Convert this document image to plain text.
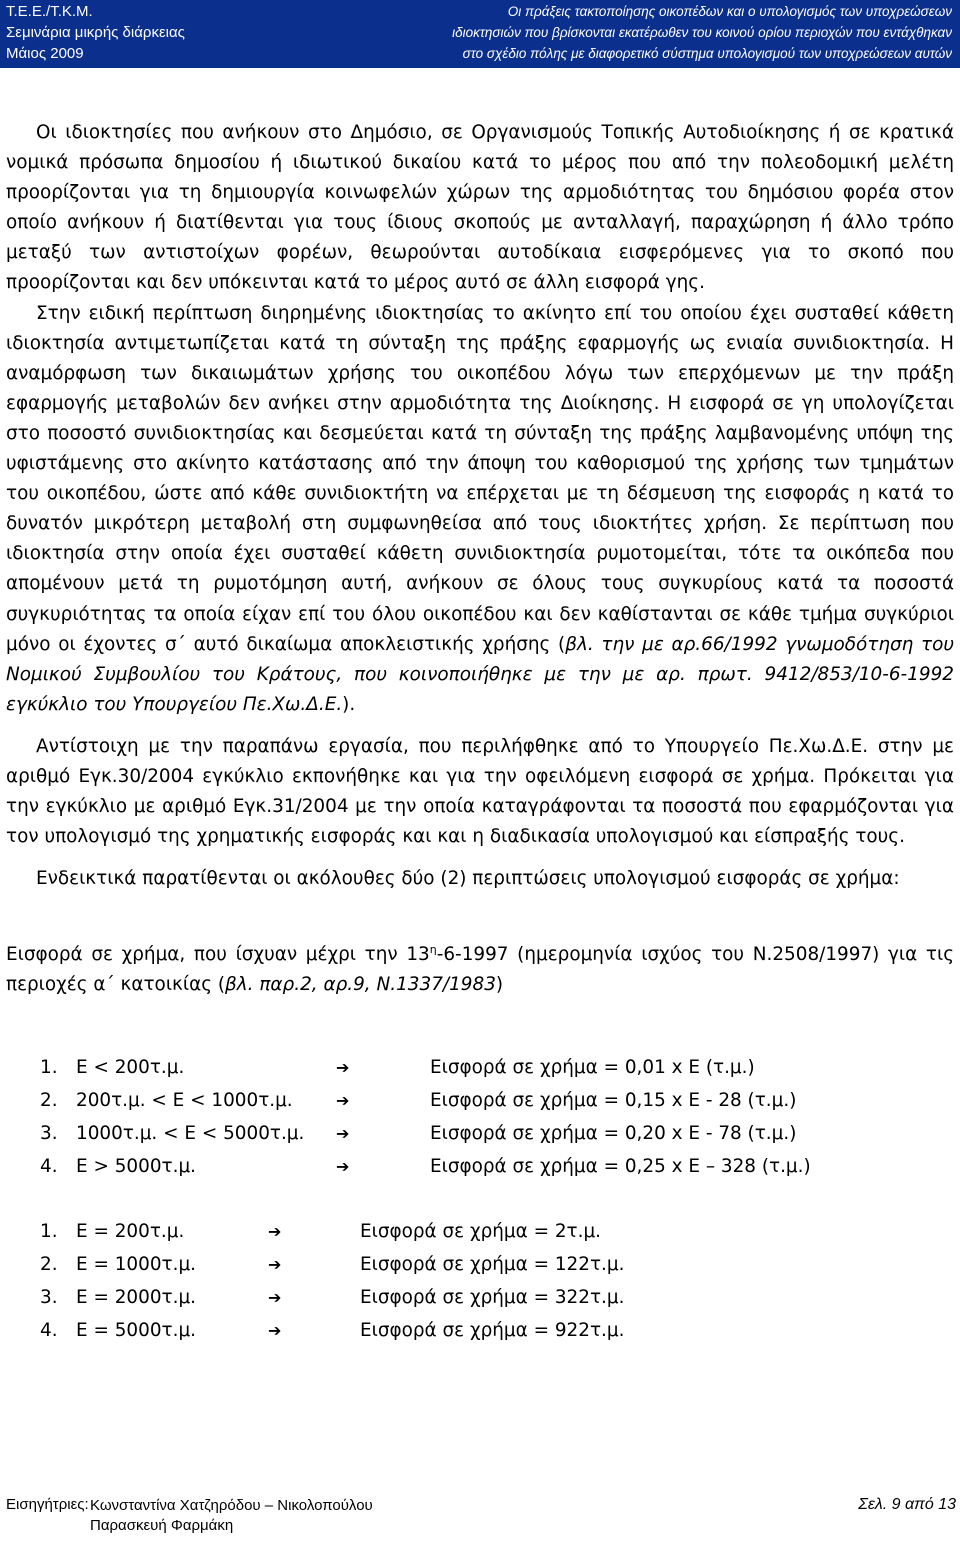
Τ.Ε.Ε./Τ.Κ.Μ.
Σεμινάρια μικρής διάρκειας
Μάιος 2009
Οι πράξεις τακτοποίησης οικοπέδων και ο υπολογισμός των υποχρεώσεων
ιδιοκτησιών που βρίσκονται εκατέρωθεν του κοινού ορίου περιοχών που εντάχθηκαν
στο σχέδιο πόλης με διαφορετικό σύστημα υπολογισμού των υποχρεώσεων αυτών

Οι ιδιοκτησίες που ανήκουν στο Δημόσιο, σε Οργανισμούς Τοπικής Αυτοδιοίκησης ή σε κρατικά νομικά πρόσωπα δημοσίου ή ιδιωτικού δικαίου κατά το μέρος που από την πολεοδομική μελέτη προορίζονται για τη δημιουργία κοινωφελών χώρων της αρμοδιότητας του δημόσιου φορέα στον οποίο ανήκουν ή διατίθενται για τους ίδιους σκοπούς με ανταλλαγή, παραχώρηση ή άλλο τρόπο μεταξύ των αντιστοίχων φορέων, θεωρούνται αυτοδίκαια εισφερόμενες για το σκοπό που προορίζονται και δεν υπόκεινται κατά το μέρος αυτό σε άλλη εισφορά γης.

Στην ειδική περίπτωση διηρημένης ιδιοκτησίας το ακίνητο επί του οποίου έχει συσταθεί κάθετη ιδιοκτησία αντιμετωπίζεται κατά τη σύνταξη της πράξης εφαρμογής ως ενιαία συνιδιοκτησία. Η αναμόρφωση των δικαιωμάτων χρήσης του οικοπέδου λόγω των επερχόμενων με την πράξη εφαρμογής μεταβολών δεν ανήκει στην αρμοδιότητα της Διοίκησης. Η εισφορά σε γη υπολογίζεται στο ποσοστό συνιδιοκτησίας και δεσμεύεται κατά τη σύνταξη της πράξης λαμβανομένης υπόψη της υφιστάμενης στο ακίνητο κατάστασης από την άποψη του καθορισμού της χρήσης των τμημάτων του οικοπέδου, ώστε από κάθε συνιδιοκτήτη να επέρχεται με τη δέσμευση της εισφοράς η κατά το δυνατόν μικρότερη μεταβολή στη συμφωνηθείσα από τους ιδιοκτήτες χρήση. Σε περίπτωση που ιδιοκτησία στην οποία έχει συσταθεί κάθετη συνιδιοκτησία ρυμοτομείται, τότε τα οικόπεδα που απομένουν μετά τη ρυμοτόμηση αυτή, ανήκουν σε όλους τους συγκυρίους κατά τα ποσοστά συγκυριότητας τα οποία είχαν επί του όλου οικοπέδου και δεν καθίστανται σε κάθε τμήμα συγκύριοι μόνο οι έχοντες σ΄ αυτό δικαίωμα αποκλειστικής χρήσης (βλ. την με αρ.66/1992 γνωμοδότηση του Νομικού Συμβουλίου του Κράτους, που κοινοποιήθηκε με την με αρ. πρωτ. 9412/853/10-6-1992 εγκύκλιο του Υπουργείου Πε.Χω.Δ.Ε.).

Αντίστοιχη με την παραπάνω εργασία, που περιλήφθηκε από το Υπουργείο Πε.Χω.Δ.Ε. στην με αριθμό Εγκ.30/2004 εγκύκλιο εκπονήθηκε και για την οφειλόμενη εισφορά σε χρήμα. Πρόκειται για την εγκύκλιο με αριθμό Εγκ.31/2004 με την οποία καταγράφονται τα ποσοστά που εφαρμόζονται για τον υπολογισμό της χρηματικής εισφοράς και και η διαδικασία υπολογισμού και είσπραξής τους.

Ενδεικτικά παρατίθενται οι ακόλουθες δύο (2) περιπτώσεις υπολογισμού εισφοράς σε χρήμα:

Εισφορά σε χρήμα, που ίσχυαν μέχρι την $13^\eta-6-1997$ (ημερομηνία ισχύος του Ν.2508/1997) για τις περιοχές α΄ κατοικίας (βλ. παρ.2, αρ.9, Ν.1337/1983)

1. Ε < 200τ.μ.	➔	Εισφορά σε χρήμα = 0,01 x Ε (τ.μ.)
2. 200τ.μ. < Ε < 1000τ.μ.	➔	Εισφορά σε χρήμα = 0,15 x Ε - 28 (τ.μ.)
3. 1000τ.μ. < Ε < 5000τ.μ. ➔	Εισφορά σε χρήμα = 0,20 x Ε - 78 (τ.μ.)
4. Ε > 5000τ.μ.	➔	Εισφορά σε χρήμα = 0,25 x Ε – 328 (τ.μ.)
1. Ε = 200τ.μ.	➔	Εισφορά σε χρήμα = 2τ.μ.
2. Ε = 1000τ.μ.	➔	Εισφορά σε χρήμα = 122τ.μ.
3. Ε = 2000τ.μ.	➔	Εισφορά σε χρήμα = 322τ.μ.
4. Ε = 5000τ.μ.	➔	Εισφορά σε χρήμα = 922τ.μ.
Εισηγήτριες: Κωνσταντίνα Χατζηρόδου – Νικολοπούλου
Παρασκευή Φαρμάκη
Σελ. 9 από 13
